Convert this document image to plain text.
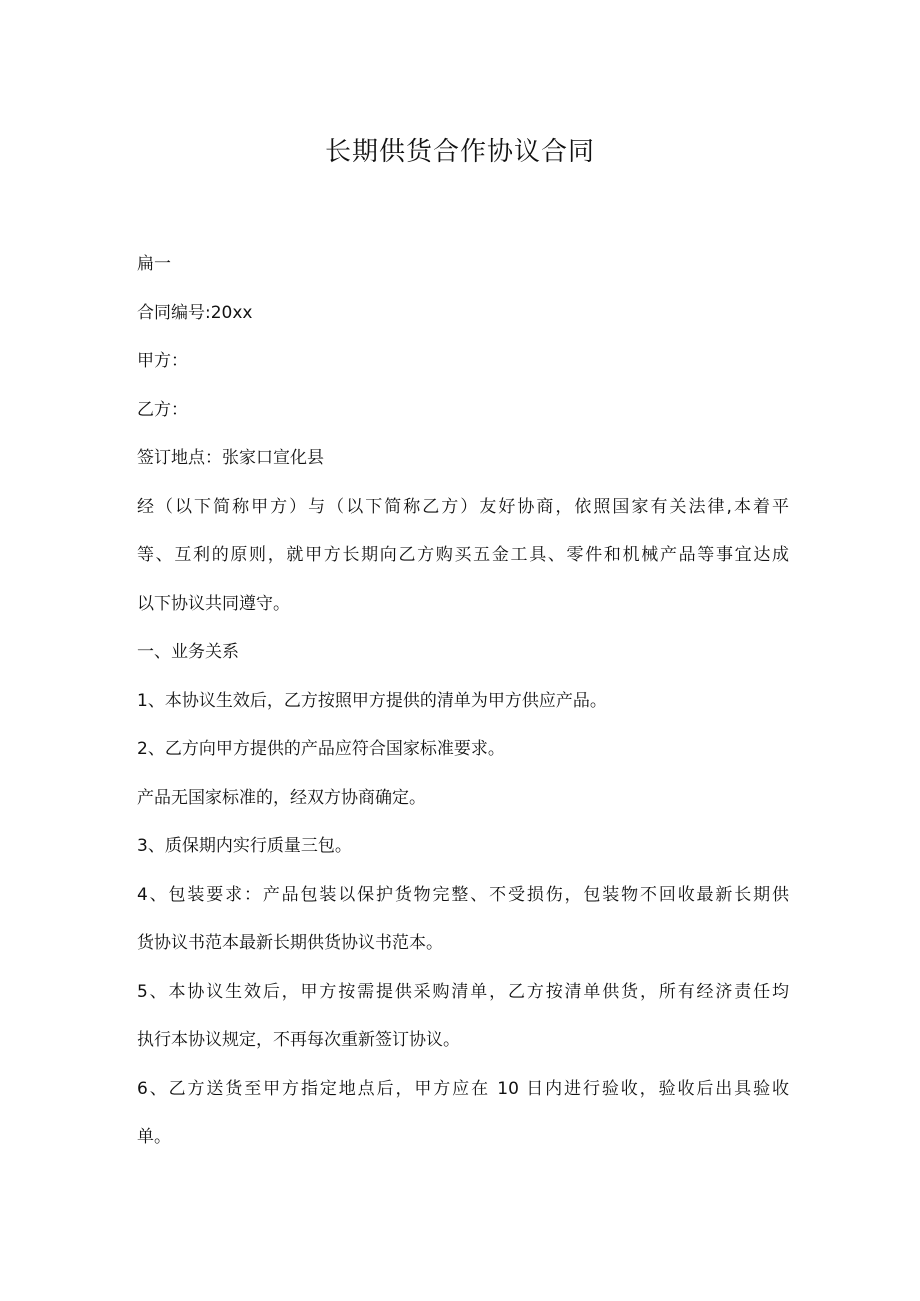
长期供货合作协议合同
扁一
合同编号:20xx
甲方：
乙方：
签订地点：张家口宣化县
经（以下简称甲方）与（以下简称乙方）友好协商，依照国家有关法律,本着平
等、互利的原则，就甲方长期向乙方购买五金工具、零件和机械产品等事宜达成
以下协议共同遵守。
一、业务关系
1、本协议生效后，乙方按照甲方提供的清单为甲方供应产品。
2、乙方向甲方提供的产品应符合国家标准要求。
产品无国家标准的，经双方协商确定。
3、质保期内实行质量三包。
4、包装要求：产品包装以保护货物完整、不受损伤，包装物不回收最新长期供
货协议书范本最新长期供货协议书范本。
5、本协议生效后，甲方按需提供采购清单，乙方按清单供货，所有经济责任均
执行本协议规定，不再每次重新签订协议。
6、乙方送货至甲方指定地点后，甲方应在 10 日内进行验收，验收后出具验收
单。
